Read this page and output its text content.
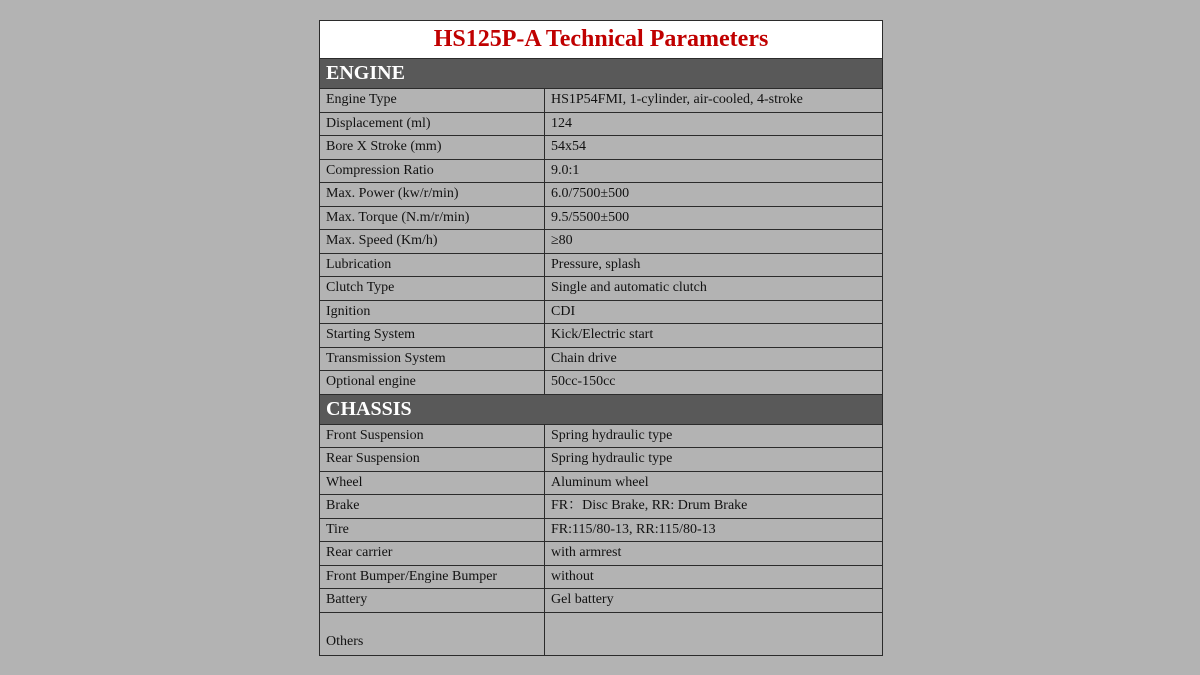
HS125P-A Technical Parameters	
ENGINE	
Engine Type	HS1P54FMI, 1-cylinder, air-cooled, 4-stroke
Displacement (ml)	124
Bore X Stroke (mm)	54x54
Compression Ratio	9.0:1
Max. Power (kw/r/min)	6.0/7500±500
Max. Torque (N.m/r/min)	9.5/5500±500
Max. Speed (Km/h)	≥80
Lubrication	Pressure, splash
Clutch Type	Single and automatic clutch
Ignition	CDI
Starting System	Kick/Electric start
Transmission System	Chain drive
Optional engine	50cc-150cc
CHASSIS	
Front Suspension	Spring hydraulic type
Rear Suspension	Spring hydraulic type
Wheel	Aluminum wheel
Brake	FR：Disc Brake, RR: Drum Brake
Tire	FR:115/80-13, RR:115/80-13
Rear carrier	with armrest
Front Bumper/Engine Bumper	without
Battery	Gel battery
Others	
